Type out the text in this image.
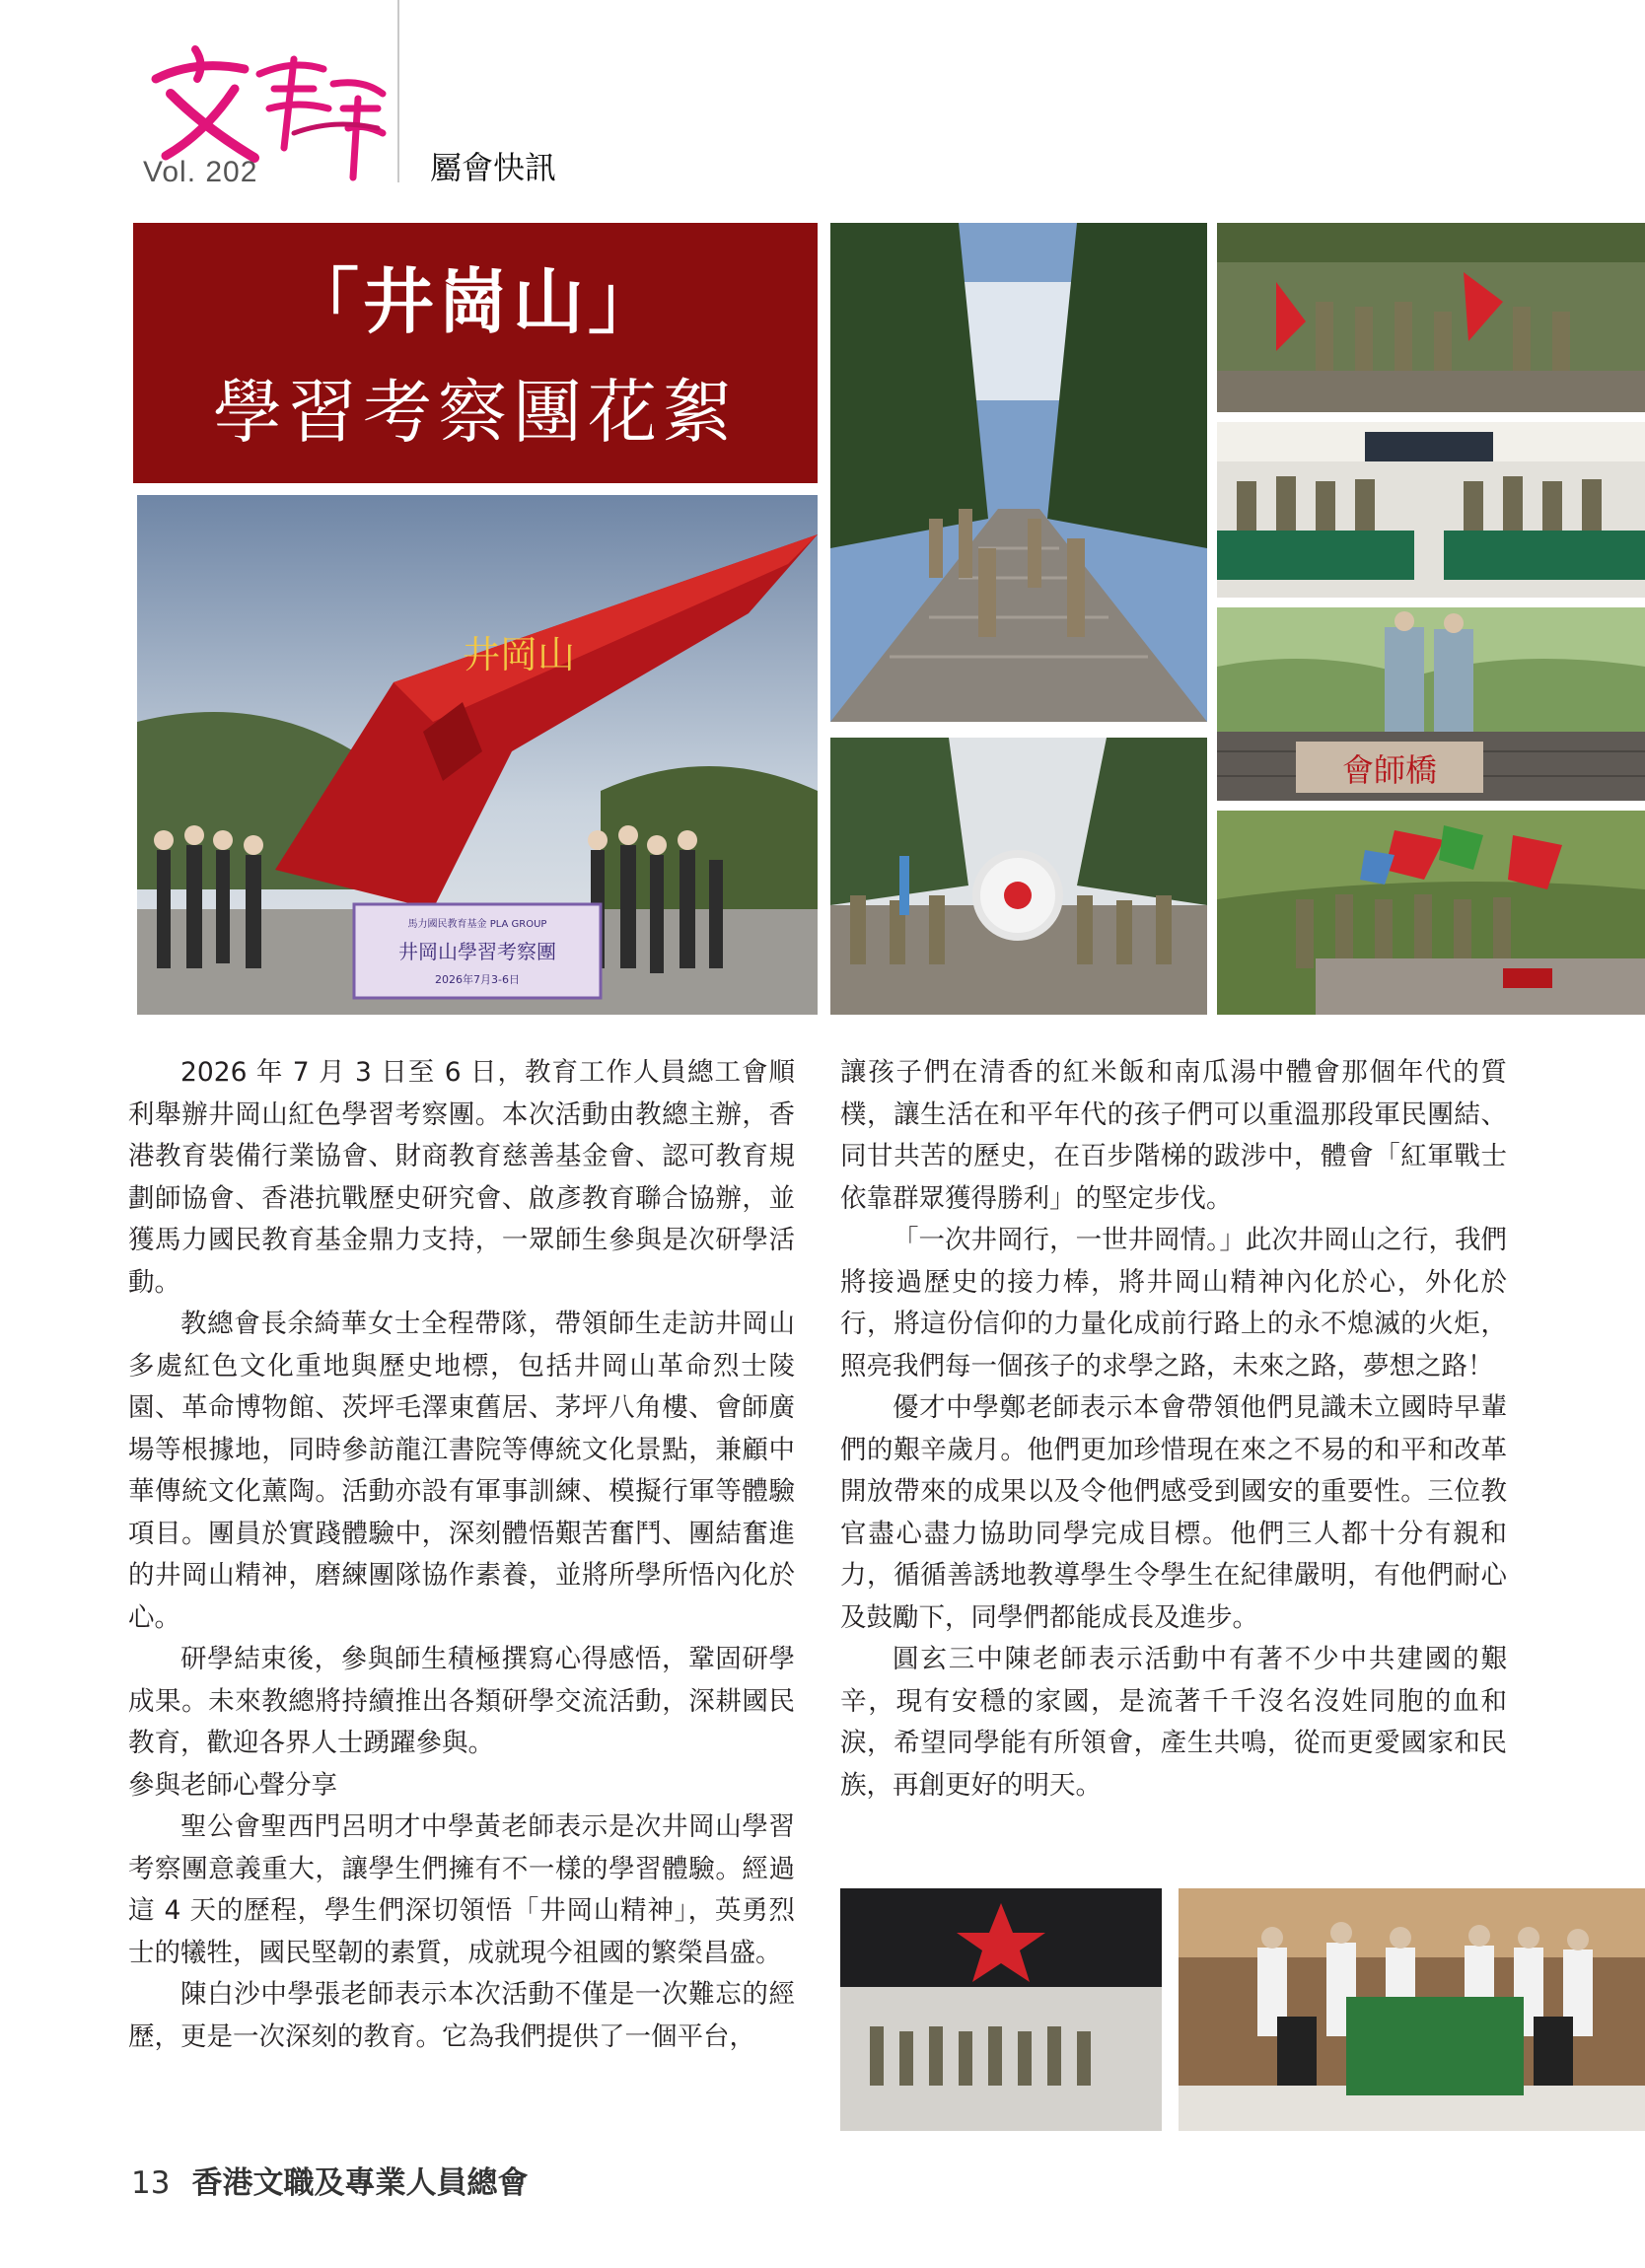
Vol. 202	屬會快訊
「井崗山」
學習考察團花絮
井岡山
井岡山學習考察團
馬力國民教育基金 PLA GROUP
2026年7月3-6日
會師橋

2026 年 7 月 3 日至 6 日，教育工作人員總工會順利舉辦井岡山紅色學習考察團。本次活動由教總主辦，香港教育裝備行業協會、財商教育慈善基金會、認可教育規劃師協會、香港抗戰歷史研究會、啟彥教育聯合協辦，並獲馬力國民教育基金鼎力支持，一眾師生參與是次研學活動。

教總會長余綺華女士全程帶隊，帶領師生走訪井岡山多處紅色文化重地與歷史地標，包括井岡山革命烈士陵園、革命博物館、茨坪毛澤東舊居、茅坪八角樓、會師廣場等根據地，同時參訪龍江書院等傳統文化景點，兼顧中華傳統文化薰陶。活動亦設有軍事訓練、模擬行軍等體驗項目。團員於實踐體驗中，深刻體悟艱苦奮鬥、團結奮進的井岡山精神，磨練團隊協作素養，並將所學所悟內化於心。

研學結束後，參與師生積極撰寫心得感悟，鞏固研學成果。未來教總將持續推出各類研學交流活動，深耕國民教育，歡迎各界人士踴躍參與。

參與老師心聲分享

聖公會聖西門呂明才中學黃老師表示是次井岡山學習考察團意義重大，讓學生們擁有不一樣的學習體驗。經過這 4 天的歷程，學生們深切領悟「井岡山精神」，英勇烈士的犧牲，國民堅韌的素質，成就現今祖國的繁榮昌盛。

陳白沙中學張老師表示本次活動不僅是一次難忘的經歷，更是一次深刻的教育。它為我們提供了一個平台，

讓孩子們在清香的紅米飯和南瓜湯中體會那個年代的質樸，讓生活在和平年代的孩子們可以重溫那段軍民團結、同甘共苦的歷史，在百步階梯的跋涉中，體會「紅軍戰士依靠群眾獲得勝利」的堅定步伐。

「一次井岡行，一世井岡情。」此次井岡山之行，我們將接過歷史的接力棒，將井岡山精神內化於心，外化於行，將這份信仰的力量化成前行路上的永不熄滅的火炬，照亮我們每一個孩子的求學之路，未來之路，夢想之路！

優才中學鄭老師表示本會帶領他們見識未立國時早輩們的艱辛歲月。他們更加珍惜現在來之不易的和平和改革開放帶來的成果以及令他們感受到國安的重要性。三位教官盡心盡力協助同學完成目標。他們三人都十分有親和力，循循善誘地教導學生令學生在紀律嚴明，有他們耐心及鼓勵下，同學們都能成長及進步。

圓玄三中陳老師表示活動中有著不少中共建國的艱辛，現有安穩的家國，是流著千千沒名沒姓同胞的血和淚，希望同學能有所領會，產生共鳴，從而更愛國家和民族，再創更好的明天。

13 香港文職及專業人員總會
